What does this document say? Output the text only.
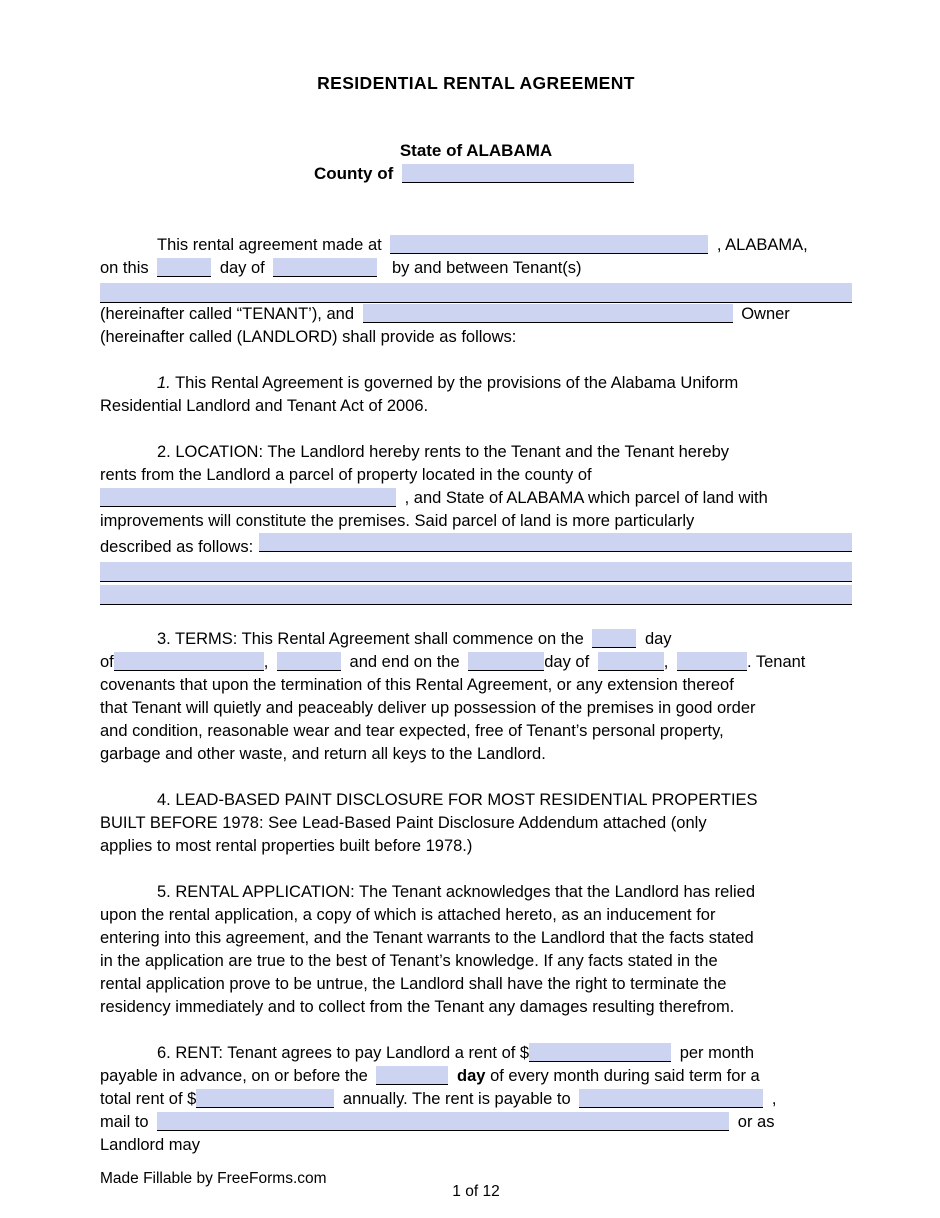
RESIDENTIAL RENTAL AGREEMENT
State of ALABAMA
County of
This rental agreement made at	, ALABAMA,
on this	day of	by and between Tenant(s)
(hereinafter called “TENANT’), and	Owner
(hereinafter called (LANDLORD) shall provide as follows:
1. This Rental Agreement is governed by the provisions of the Alabama Uniform
Residential Landlord and Tenant Act of 2006.
2. LOCATION: The Landlord hereby rents to the Tenant and the Tenant hereby
rents from the Landlord a parcel of property located in the county of
, and State of ALABAMA which parcel of land with
improvements will constitute the premises. Said parcel of land is more particularly
described as follows:
3. TERMS: This Rental Agreement shall commence on the	day
of	,	and end on the	day of	,	. Tenant
covenants that upon the termination of this Rental Agreement, or any extension thereof
that Tenant will quietly and peaceably deliver up possession of the premises in good order
and condition, reasonable wear and tear expected, free of Tenant’s personal property,
garbage and other waste, and return all keys to the Landlord.
4. LEAD-BASED PAINT DISCLOSURE FOR MOST RESIDENTIAL PROPERTIES
BUILT BEFORE 1978: See Lead-Based Paint Disclosure Addendum attached (only
applies to most rental properties built before 1978.)
5. RENTAL APPLICATION: The Tenant acknowledges that the Landlord has relied
upon the rental application, a copy of which is attached hereto, as an inducement for
entering into this agreement, and the Tenant warrants to the Landlord that the facts stated
in the application are true to the best of Tenant’s knowledge. If any facts stated in the
rental application prove to be untrue, the Landlord shall have the right to terminate the
residency immediately and to collect from the Tenant any damages resulting therefrom.
6. RENT: Tenant agrees to pay Landlord a rent of $	per month
payable in advance, on or before the	day of every month during said term for a
total rent of $	annually. The rent is payable to	,
mail to	or as
Landlord may
1 of 12
Made Fillable by FreeForms.com
